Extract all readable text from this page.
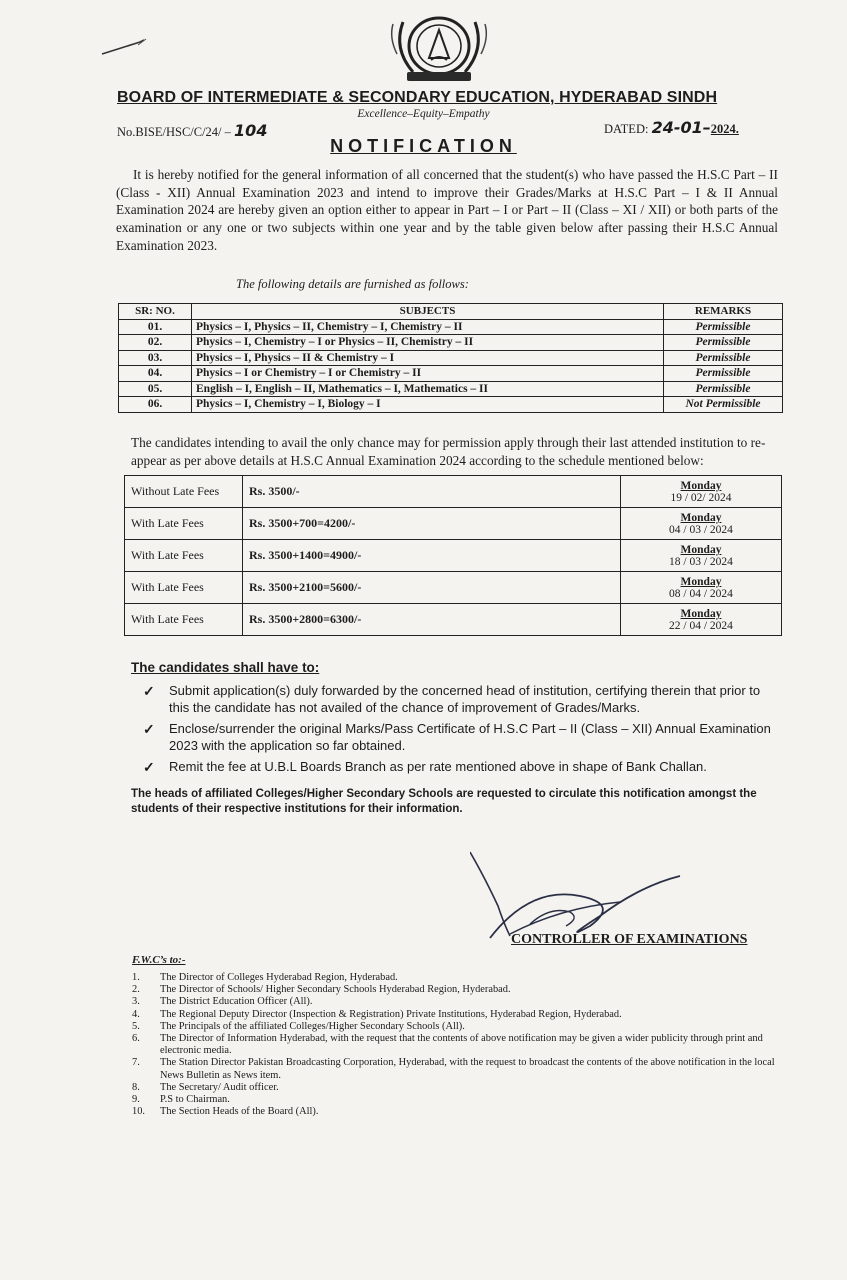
BOARD OF INTERMEDIATE & SECONDARY EDUCATION, HYDERABAD SINDH
Excellence–Equity–Empathy
No.BISE/HSC/C/24/ – 104	DATED: 24-01–2024.
NOTIFICATION
It is hereby notified for the general information of all concerned that the student(s) who have passed the H.S.C Part – II (Class - XII) Annual Examination 2023 and intend to improve their Grades/Marks at H.S.C Part – I & II Annual Examination 2024 are hereby given an option either to appear in Part – I or Part – II (Class – XI / XII) or both parts of the examination or any one or two subjects within one year and by the table given below after passing their H.S.C Annual Examination 2023.
The following details are furnished as follows:
SR: NO.	SUBJECTS	REMARKS
01.	Physics – I, Physics – II, Chemistry – I, Chemistry – II	Permissible
02.	Physics – I, Chemistry – I or Physics – II, Chemistry – II	Permissible
03.	Physics – I, Physics – II & Chemistry – I	Permissible
04.	Physics – I or Chemistry – I or Chemistry – II	Permissible
05.	English – I, English – II, Mathematics – I, Mathematics – II	Permissible
06.	Physics – I, Chemistry – I, Biology – I	Not Permissible
The candidates intending to avail the only chance may for permission apply through their last attended institution to re-appear as per above details at H.S.C Annual Examination 2024 according to the schedule mentioned below:
Without Late Fees	Rs. 3500/-	Monday
19 / 02/ 2024
With Late Fees	Rs. 3500+700=4200/-	Monday
04 / 03 / 2024
With Late Fees	Rs. 3500+1400=4900/-	Monday
18 / 03 / 2024
With Late Fees	Rs. 3500+2100=5600/-	Monday
08 / 04 / 2024
With Late Fees	Rs. 3500+2800=6300/-	Monday
22 / 04 / 2024
The candidates shall have to:
✓ Submit application(s) duly forwarded by the concerned head of institution, certifying therein that prior to this the candidate has not availed of the chance of improvement of Grades/Marks.
✓ Enclose/surrender the original Marks/Pass Certificate of H.S.C Part – II (Class – XII) Annual Examination 2023 with the application so far obtained.
✓ Remit the fee at U.B.L Boards Branch as per rate mentioned above in shape of Bank Challan.
The heads of affiliated Colleges/Higher Secondary Schools are requested to circulate this notification amongst the students of their respective institutions for their information.
CONTROLLER OF EXAMINATIONS
F.W.C’s to:-
1.	The Director of Colleges Hyderabad Region, Hyderabad.
2.	The Director of Schools/ Higher Secondary Schools Hyderabad Region, Hyderabad.
3.	The District Education Officer (All).
4.	The Regional Deputy Director (Inspection & Registration) Private Institutions, Hyderabad Region, Hyderabad.
5.	The Principals of the affiliated Colleges/Higher Secondary Schools (All).
6.	The Director of Information Hyderabad, with the request that the contents of above notification may be given a wider publicity through print and electronic media.
7.	The Station Director Pakistan Broadcasting Corporation, Hyderabad, with the request to broadcast the contents of the above notification in the local News Bulletin as News item.
8.	The Secretary/ Audit officer.
9.	P.S to Chairman.
10.	The Section Heads of the Board (All).
